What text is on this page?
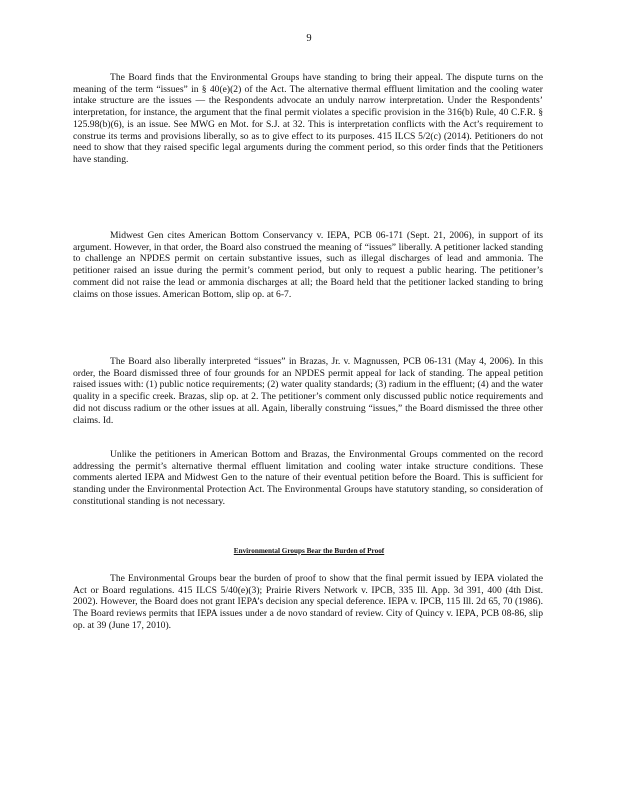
9

The Board finds that the Environmental Groups have standing to bring their appeal. The dispute turns on the meaning of the term “issues” in § 40(e)(2) of the Act. The alternative thermal effluent limitation and the cooling water intake structure are the issues — the Respondents advocate an unduly narrow interpretation. Under the Respondents’ interpretation, for instance, the argument that the final permit violates a specific provision in the 316(b) Rule, 40 C.F.R. § 125.98(b)(6), is an issue. See MWG en Mot. for S.J. at 32. This is interpretation conflicts with the Act’s requirement to construe its terms and provisions liberally, so as to give effect to its purposes. 415 ILCS 5/2(c) (2014). Petitioners do not need to show that they raised specific legal arguments during the comment period, so this order finds that the Petitioners have standing.

Midwest Gen cites American Bottom Conservancy v. IEPA, PCB 06-171 (Sept. 21, 2006), in support of its argument. However, in that order, the Board also construed the meaning of “issues” liberally. A petitioner lacked standing to challenge an NPDES permit on certain substantive issues, such as illegal discharges of lead and ammonia. The petitioner raised an issue during the permit’s comment period, but only to request a public hearing. The petitioner’s comment did not raise the lead or ammonia discharges at all; the Board held that the petitioner lacked standing to bring claims on those issues. American Bottom, slip op. at 6-7.

The Board also liberally interpreted “issues” in Brazas, Jr. v. Magnussen, PCB 06-131 (May 4, 2006). In this order, the Board dismissed three of four grounds for an NPDES permit appeal for lack of standing. The appeal petition raised issues with: (1) public notice requirements; (2) water quality standards; (3) radium in the effluent; (4) and the water quality in a specific creek. Brazas, slip op. at 2. The petitioner’s comment only discussed public notice requirements and did not discuss radium or the other issues at all. Again, liberally construing “issues,” the Board dismissed the three other claims. Id.

Unlike the petitioners in American Bottom and Brazas, the Environmental Groups commented on the record addressing the permit’s alternative thermal effluent limitation and cooling water intake structure conditions. These comments alerted IEPA and Midwest Gen to the nature of their eventual petition before the Board. This is sufficient for standing under the Environmental Protection Act. The Environmental Groups have statutory standing, so consideration of constitutional standing is not necessary.

Environmental Groups Bear the Burden of Proof

The Environmental Groups bear the burden of proof to show that the final permit issued by IEPA violated the Act or Board regulations. 415 ILCS 5/40(e)(3); Prairie Rivers Network v. IPCB, 335 Ill. App. 3d 391, 400 (4th Dist. 2002). However, the Board does not grant IEPA’s decision any special deference. IEPA v. IPCB, 115 Ill. 2d 65, 70 (1986). The Board reviews permits that IEPA issues under a de novo standard of review. City of Quincy v. IEPA, PCB 08-86, slip op. at 39 (June 17, 2010).
